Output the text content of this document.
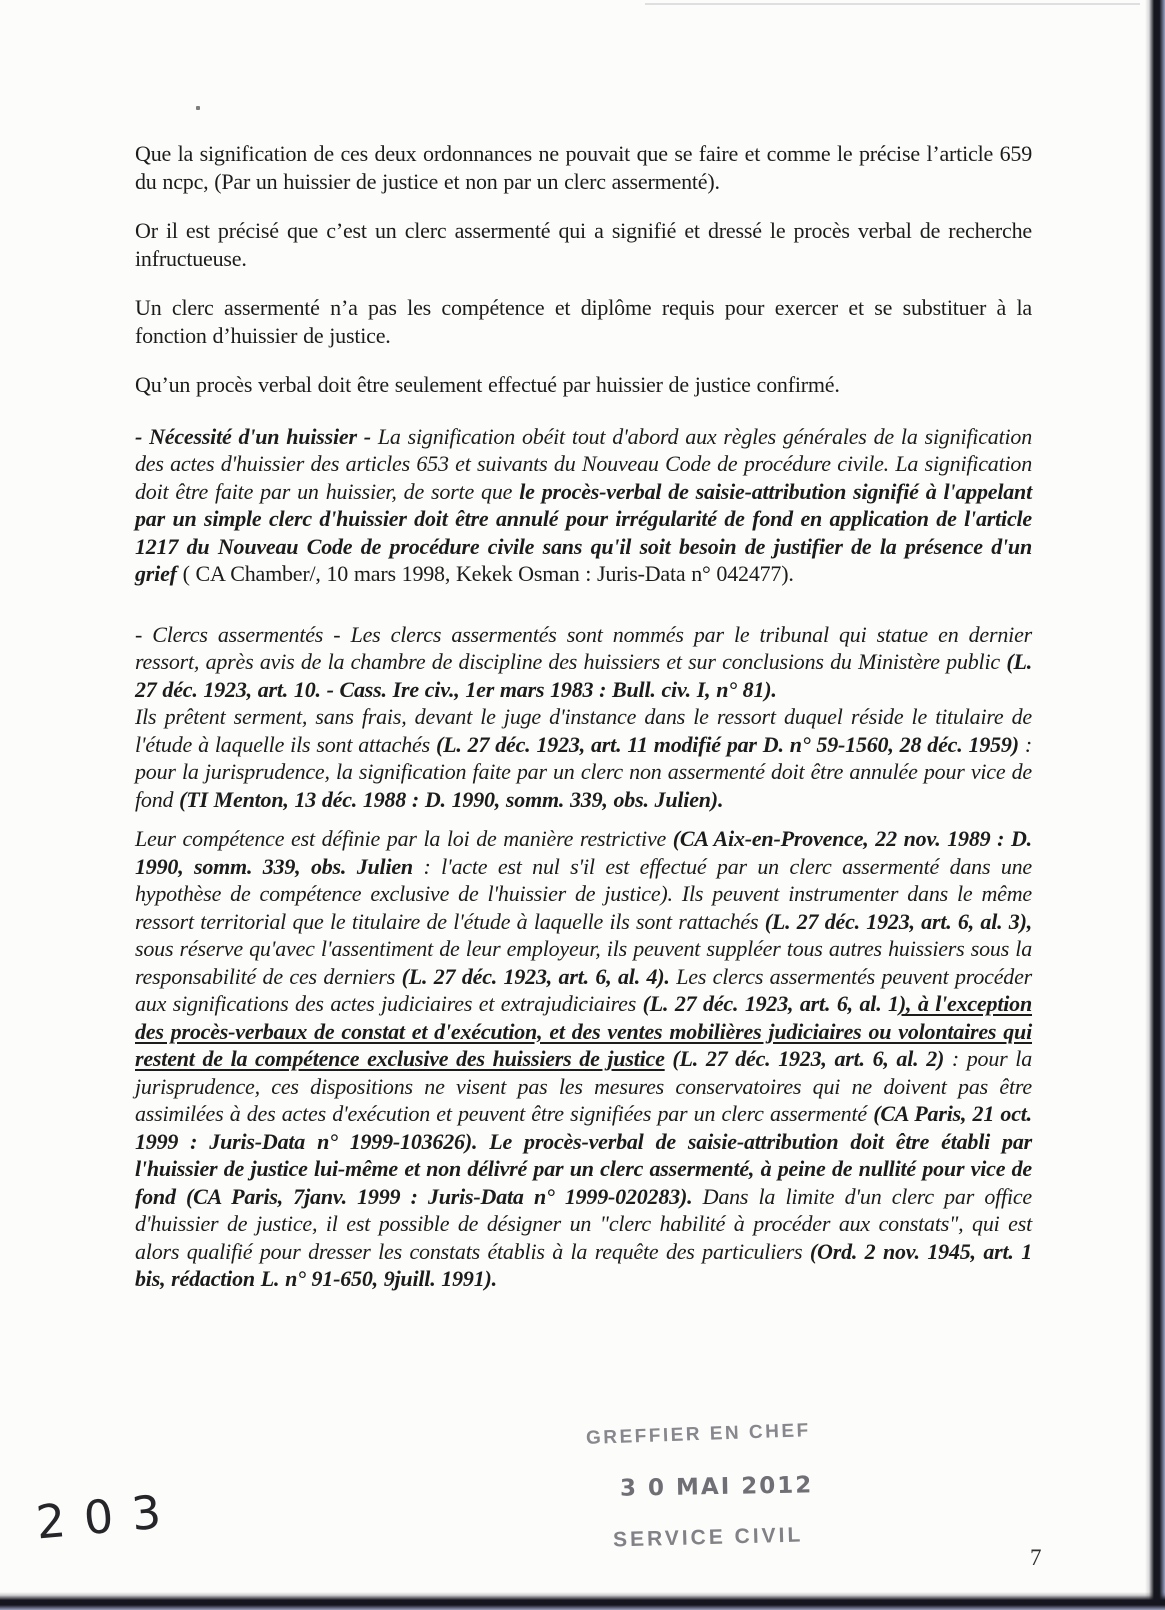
Que la signification de ces deux ordonnances ne pouvait que se faire et comme le précise l’article 659 du ncpc, (Par un huissier de justice et non par un clerc assermenté).

Or il est précisé que c’est un clerc assermenté qui a signifié et dressé le procès verbal de recherche infructueuse.

Un clerc assermenté n’a pas les compétence et diplôme requis pour exercer et se substituer à la fonction d’huissier de justice.

Qu’un procès verbal doit être seulement effectué par huissier de justice confirmé.

- Nécessité d'un huissier - La signification obéit tout d'abord aux règles générales de la signification des actes d'huissier des articles 653 et suivants du Nouveau Code de procédure civile. La signification doit être faite par un huissier, de sorte que le procès-verbal de saisie-attribution signifié à l'appelant par un simple clerc d'huissier doit être annulé pour irrégularité de fond en application de l'article 1217 du Nouveau Code de procédure civile sans qu'il soit besoin de justifier de la présence d'un grief ( CA Chamber/, 10 mars 1998, Kekek Osman : Juris-Data n° 042477).

- Clercs assermentés - Les clercs assermentés sont nommés par le tribunal qui statue en dernier ressort, après avis de la chambre de discipline des huissiers et sur conclusions du Ministère public (L. 27 déc. 1923, art. 10. - Cass. Ire civ., 1er mars 1983 : Bull. civ. I, n° 81).

Ils prêtent serment, sans frais, devant le juge d'instance dans le ressort duquel réside le titulaire de l'étude à laquelle ils sont attachés (L. 27 déc. 1923, art. 11 modifié par D. n° 59-1560, 28 déc. 1959) : pour la jurisprudence, la signification faite par un clerc non assermenté doit être annulée pour vice de fond (TI Menton, 13 déc. 1988 : D. 1990, somm. 339, obs. Julien).

Leur compétence est définie par la loi de manière restrictive (CA Aix-en-Provence, 22 nov. 1989 : D. 1990, somm. 339, obs. Julien : l'acte est nul s'il est effectué par un clerc assermenté dans une hypothèse de compétence exclusive de l'huissier de justice). Ils peuvent instrumenter dans le même ressort territorial que le titulaire de l'étude à laquelle ils sont rattachés (L. 27 déc. 1923, art. 6, al. 3), sous réserve qu'avec l'assentiment de leur employeur, ils peuvent suppléer tous autres huissiers sous la responsabilité de ces derniers (L. 27 déc. 1923, art. 6, al. 4). Les clercs assermentés peuvent procéder aux significations des actes judiciaires et extrajudiciaires (L. 27 déc. 1923, art. 6, al. 1), à l'exception des procès-verbaux de constat et d'exécution, et des ventes mobilières judiciaires ou volontaires qui restent de la compétence exclusive des huissiers de justice (L. 27 déc. 1923, art. 6, al. 2) : pour la jurisprudence, ces dispositions ne visent pas les mesures conservatoires qui ne doivent pas être assimilées à des actes d'exécution et peuvent être signifiées par un clerc assermenté (CA Paris, 21 oct. 1999 : Juris-Data n° 1999-103626). Le procès-verbal de saisie-attribution doit être établi par l'huissier de justice lui-même et non délivré par un clerc assermenté, à peine de nullité pour vice de fond (CA Paris, 7janv. 1999 : Juris-Data n° 1999-020283). Dans la limite d'un clerc par office d'huissier de justice, il est possible de désigner un "clerc habilité à procéder aux constats", qui est alors qualifié pour dresser les constats établis à la requête des particuliers (Ord. 2 nov. 1945, art. 1 bis, rédaction L. n° 91-650, 9juill. 1991).

GREFFIER EN CHEF
3 0 MAI 2012
SERVICE CIVIL
2 0 3
7
